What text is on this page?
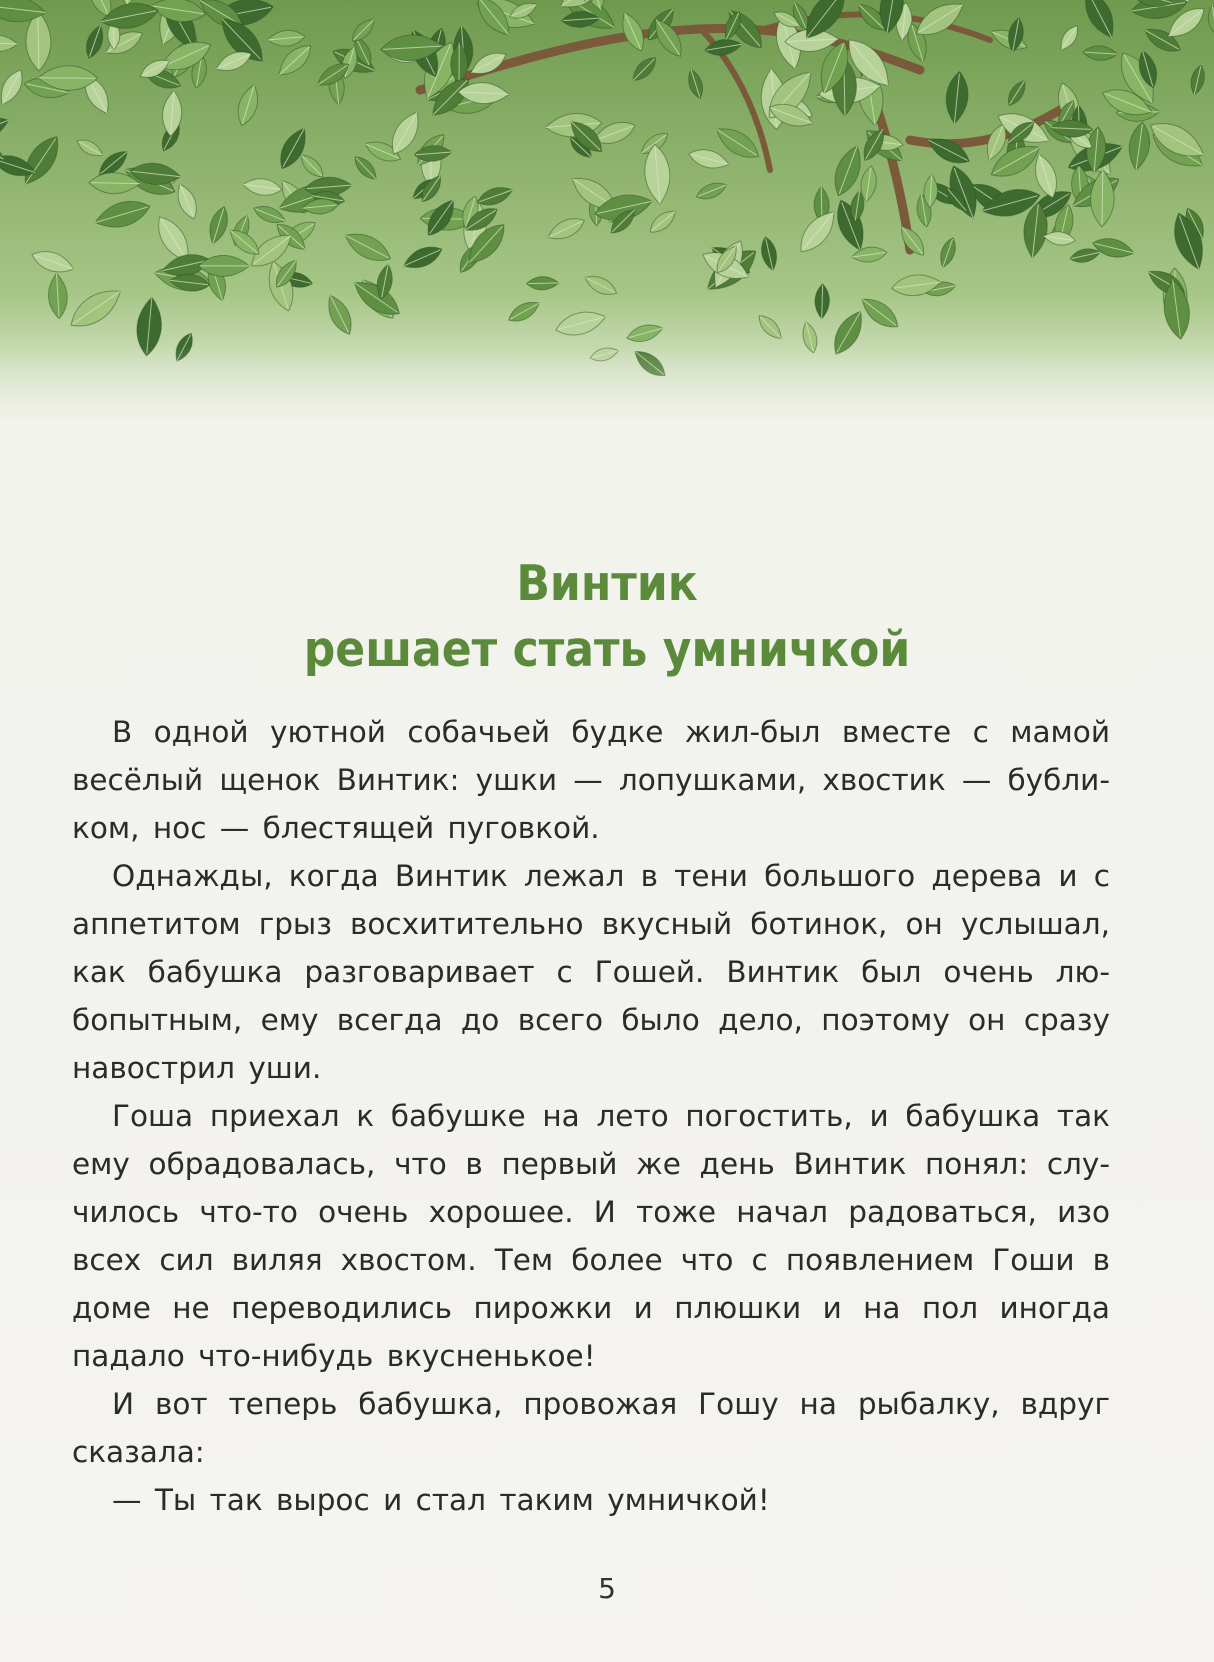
Винтик
решает стать умничкой

В одной уютной собачьей будке жил-был вместе с мамой весёлый щенок Винтик: ушки — лопушками, хвостик — бубли-ком, нос — блестящей пуговкой.

Однажды, когда Винтик лежал в тени большого дерева и с аппетитом грыз восхитительно вкусный ботинок, он услышал, как бабушка разговаривает с Гошей. Винтик был очень лю-бопытным, ему всегда до всего было дело, поэтому он сразу навострил уши.

Гоша приехал к бабушке на лето погостить, и бабушка так ему обрадовалась, что в первый же день Винтик понял: слу-чилось что-то очень хорошее. И тоже начал радоваться, изо всех сил виляя хвостом. Тем более что с появлением Гоши в доме не переводились пирожки и плюшки и на пол иногда падало что-нибудь вкусненькое!

И вот теперь бабушка, провожая Гошу на рыбалку, вдруг сказала:

— Ты так вырос и стал таким умничкой!

5
